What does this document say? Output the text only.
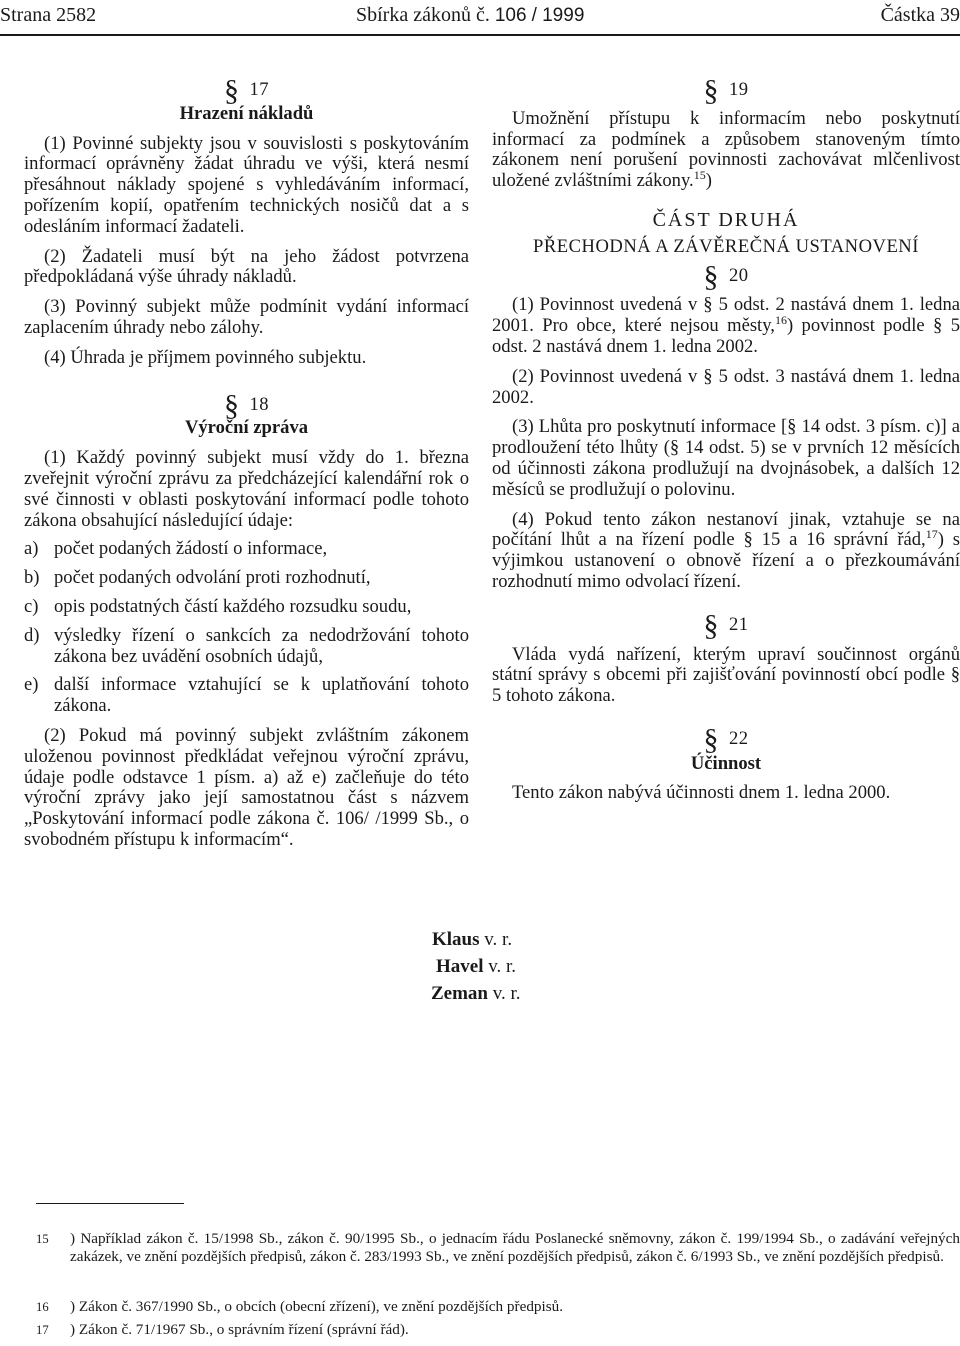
Strana 2582	Sbírka zákonů č. 106 / 1999	Částka 39

§ 17

Hrazení nákladů

(1) Povinné subjekty jsou v souvislosti s poskytováním informací oprávněny žádat úhradu ve výši, která nesmí přesáhnout náklady spojené s vyhledáváním informací, pořízením kopií, opatřením technických nosičů dat a s odesláním informací žadateli.

(2) Žadateli musí být na jeho žádost potvrzena předpokládaná výše úhrady nákladů.

(3) Povinný subjekt může podmínit vydání informací zaplacením úhrady nebo zálohy.

(4) Úhrada je příjmem povinného subjektu.

§ 18

Výroční zpráva

(1) Každý povinný subjekt musí vždy do 1. března zveřejnit výroční zprávu za předcházející kalendářní rok o své činnosti v oblasti poskytování informací podle tohoto zákona obsahující následující údaje:

a) počet podaných žádostí o informace,
b) počet podaných odvolání proti rozhodnutí,
c) opis podstatných částí každého rozsudku soudu,
d) výsledky řízení o sankcích za nedodržování tohoto zákona bez uvádění osobních údajů,
e) další informace vztahující se k uplatňování tohoto zákona.

(2) Pokud má povinný subjekt zvláštním zákonem uloženou povinnost předkládat veřejnou výroční zprávu, údaje podle odstavce 1 písm. a) až e) začleňuje do této výroční zprávy jako její samostatnou část s názvem „Poskytování informací podle zákona č. 106/ /1999 Sb., o svobodném přístupu k informacím“.

§ 19

Umožnění přístupu k informacím nebo poskytnutí informací za podmínek a způsobem stanoveným tímto zákonem není porušení povinnosti zachovávat mlčenlivost uložené zvláštními zákony.$^{15}$)

ČÁST DRUHÁ

PŘECHODNÁ A ZÁVĚREČNÁ USTANOVENÍ

§ 20

(1) Povinnost uvedená v § 5 odst. 2 nastává dnem 1. ledna 2001. Pro obce, které nejsou městy,$^{16}$) povinnost podle § 5 odst. 2 nastává dnem 1. ledna 2002.

(2) Povinnost uvedená v § 5 odst. 3 nastává dnem 1. ledna 2002.

(3) Lhůta pro poskytnutí informace [§ 14 odst. 3 písm. c)] a prodloužení této lhůty (§ 14 odst. 5) se v prvních 12 měsících od účinnosti zákona prodlužují na dvojnásobek, a dalších 12 měsíců se prodlužují o polovinu.

(4) Pokud tento zákon nestanoví jinak, vztahuje se na počítání lhůt a na řízení podle § 15 a 16 správní řád,$^{17}$) s výjimkou ustanovení o obnově řízení a o přezkoumávání rozhodnutí mimo odvolací řízení.

§ 21

Vláda vydá nařízení, kterým upraví součinnost orgánů státní správy s obcemi při zajišťování povinností obcí podle § 5 tohoto zákona.

§ 22

Účinnost

Tento zákon nabývá účinnosti dnem 1. ledna 2000.

Klaus v. r.
Havel v. r.
Zeman v. r.
$^{15}$	) Například zákon č. 15/1998 Sb., zákon č. 90/1995 Sb., o jednacím řádu Poslanecké sněmovny, zákon č. 199/1994 Sb., o zadávání veřejných zakázek, ve znění pozdějších předpisů, zákon č. 283/1993 Sb., ve znění pozdějších předpisů, zákon č. 6/1993 Sb., ve znění pozdějších předpisů.
$^{16}$	) Zákon č. 367/1990 Sb., o obcích (obecní zřízení), ve znění pozdějších předpisů.
$^{17}$	) Zákon č. 71/1967 Sb., o správním řízení (správní řád).
